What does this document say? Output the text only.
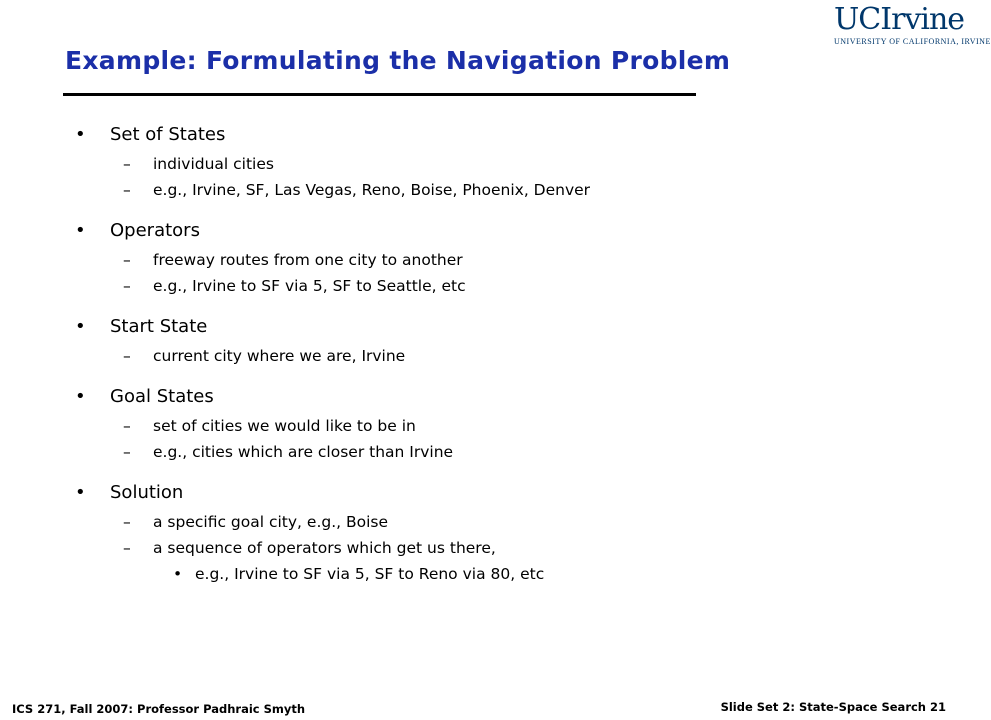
UCIrvine
UNIVERSITY OF CALIFORNIA, IRVINE
Example: Formulating the Navigation Problem
• Set of States
– individual cities
– e.g., Irvine, SF, Las Vegas, Reno, Boise, Phoenix, Denver
• Operators
– freeway routes from one city to another
– e.g., Irvine to SF via 5, SF to Seattle, etc
• Start State
– current city where we are, Irvine
• Goal States
– set of cities we would like to be in
– e.g., cities which are closer than Irvine
• Solution
– a specific goal city, e.g., Boise
– a sequence of operators which get us there,
• e.g., Irvine to SF via 5, SF to Reno via 80, etc
ICS 271, Fall 2007: Professor Padhraic Smyth	Slide Set 2: State-Space Search 21
